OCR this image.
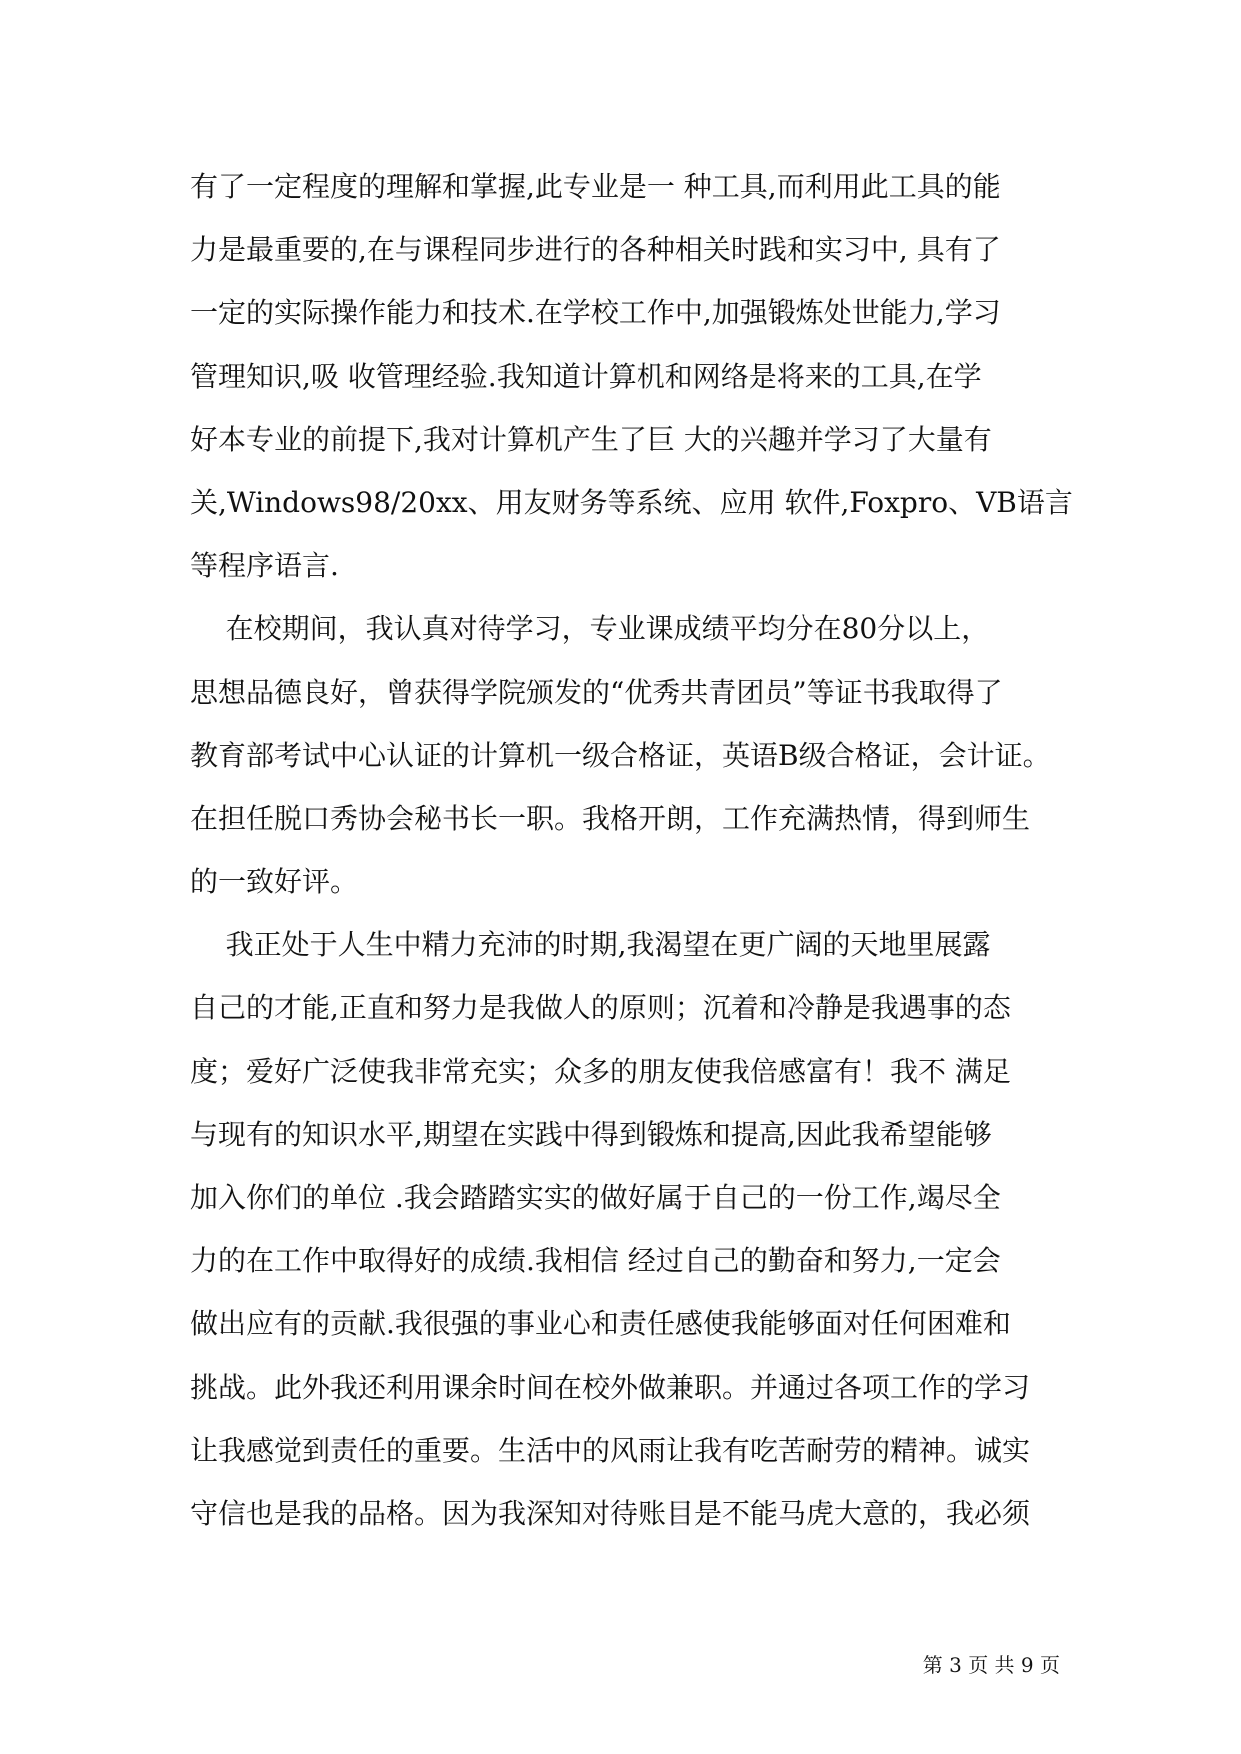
有了一定程度的理解和掌握,此专业是一 种工具,而利用此工具的能
力是最重要的,在与课程同步进行的各种相关时践和实习中, 具有了
一定的实际操作能力和技术.在学校工作中,加强锻炼处世能力,学习
管理知识,吸 收管理经验.我知道计算机和网络是将来的工具,在学
好本专业的前提下,我对计算机产生了巨 大的兴趣并学习了大量有
关,Windows98/20xx、用友财务等系统、应用 软件,Foxpro、VB语言
等程序语言.
在校期间，我认真对待学习，专业课成绩平均分在80分以上，
思想品德良好，曾获得学院颁发的“优秀共青团员”等证书我取得了
教育部考试中心认证的计算机一级合格证，英语B级合格证，会计证。
在担任脱口秀协会秘书长一职。我格开朗，工作充满热情，得到师生
的一致好评。
我正处于人生中精力充沛的时期,我渴望在更广阔的天地里展露
自己的才能,正直和努力是我做人的原则；沉着和冷静是我遇事的态
度；爱好广泛使我非常充实；众多的朋友使我倍感富有！我不 满足
与现有的知识水平,期望在实践中得到锻炼和提高,因此我希望能够
加入你们的单位 .我会踏踏实实的做好属于自己的一份工作,竭尽全
力的在工作中取得好的成绩.我相信 经过自己的勤奋和努力,一定会
做出应有的贡献.我很强的事业心和责任感使我能够面对任何困难和
挑战。此外我还利用课余时间在校外做兼职。并通过各项工作的学习
让我感觉到责任的重要。生活中的风雨让我有吃苦耐劳的精神。诚实
守信也是我的品格。因为我深知对待账目是不能马虎大意的，我必须
第 3 页 共 9 页
